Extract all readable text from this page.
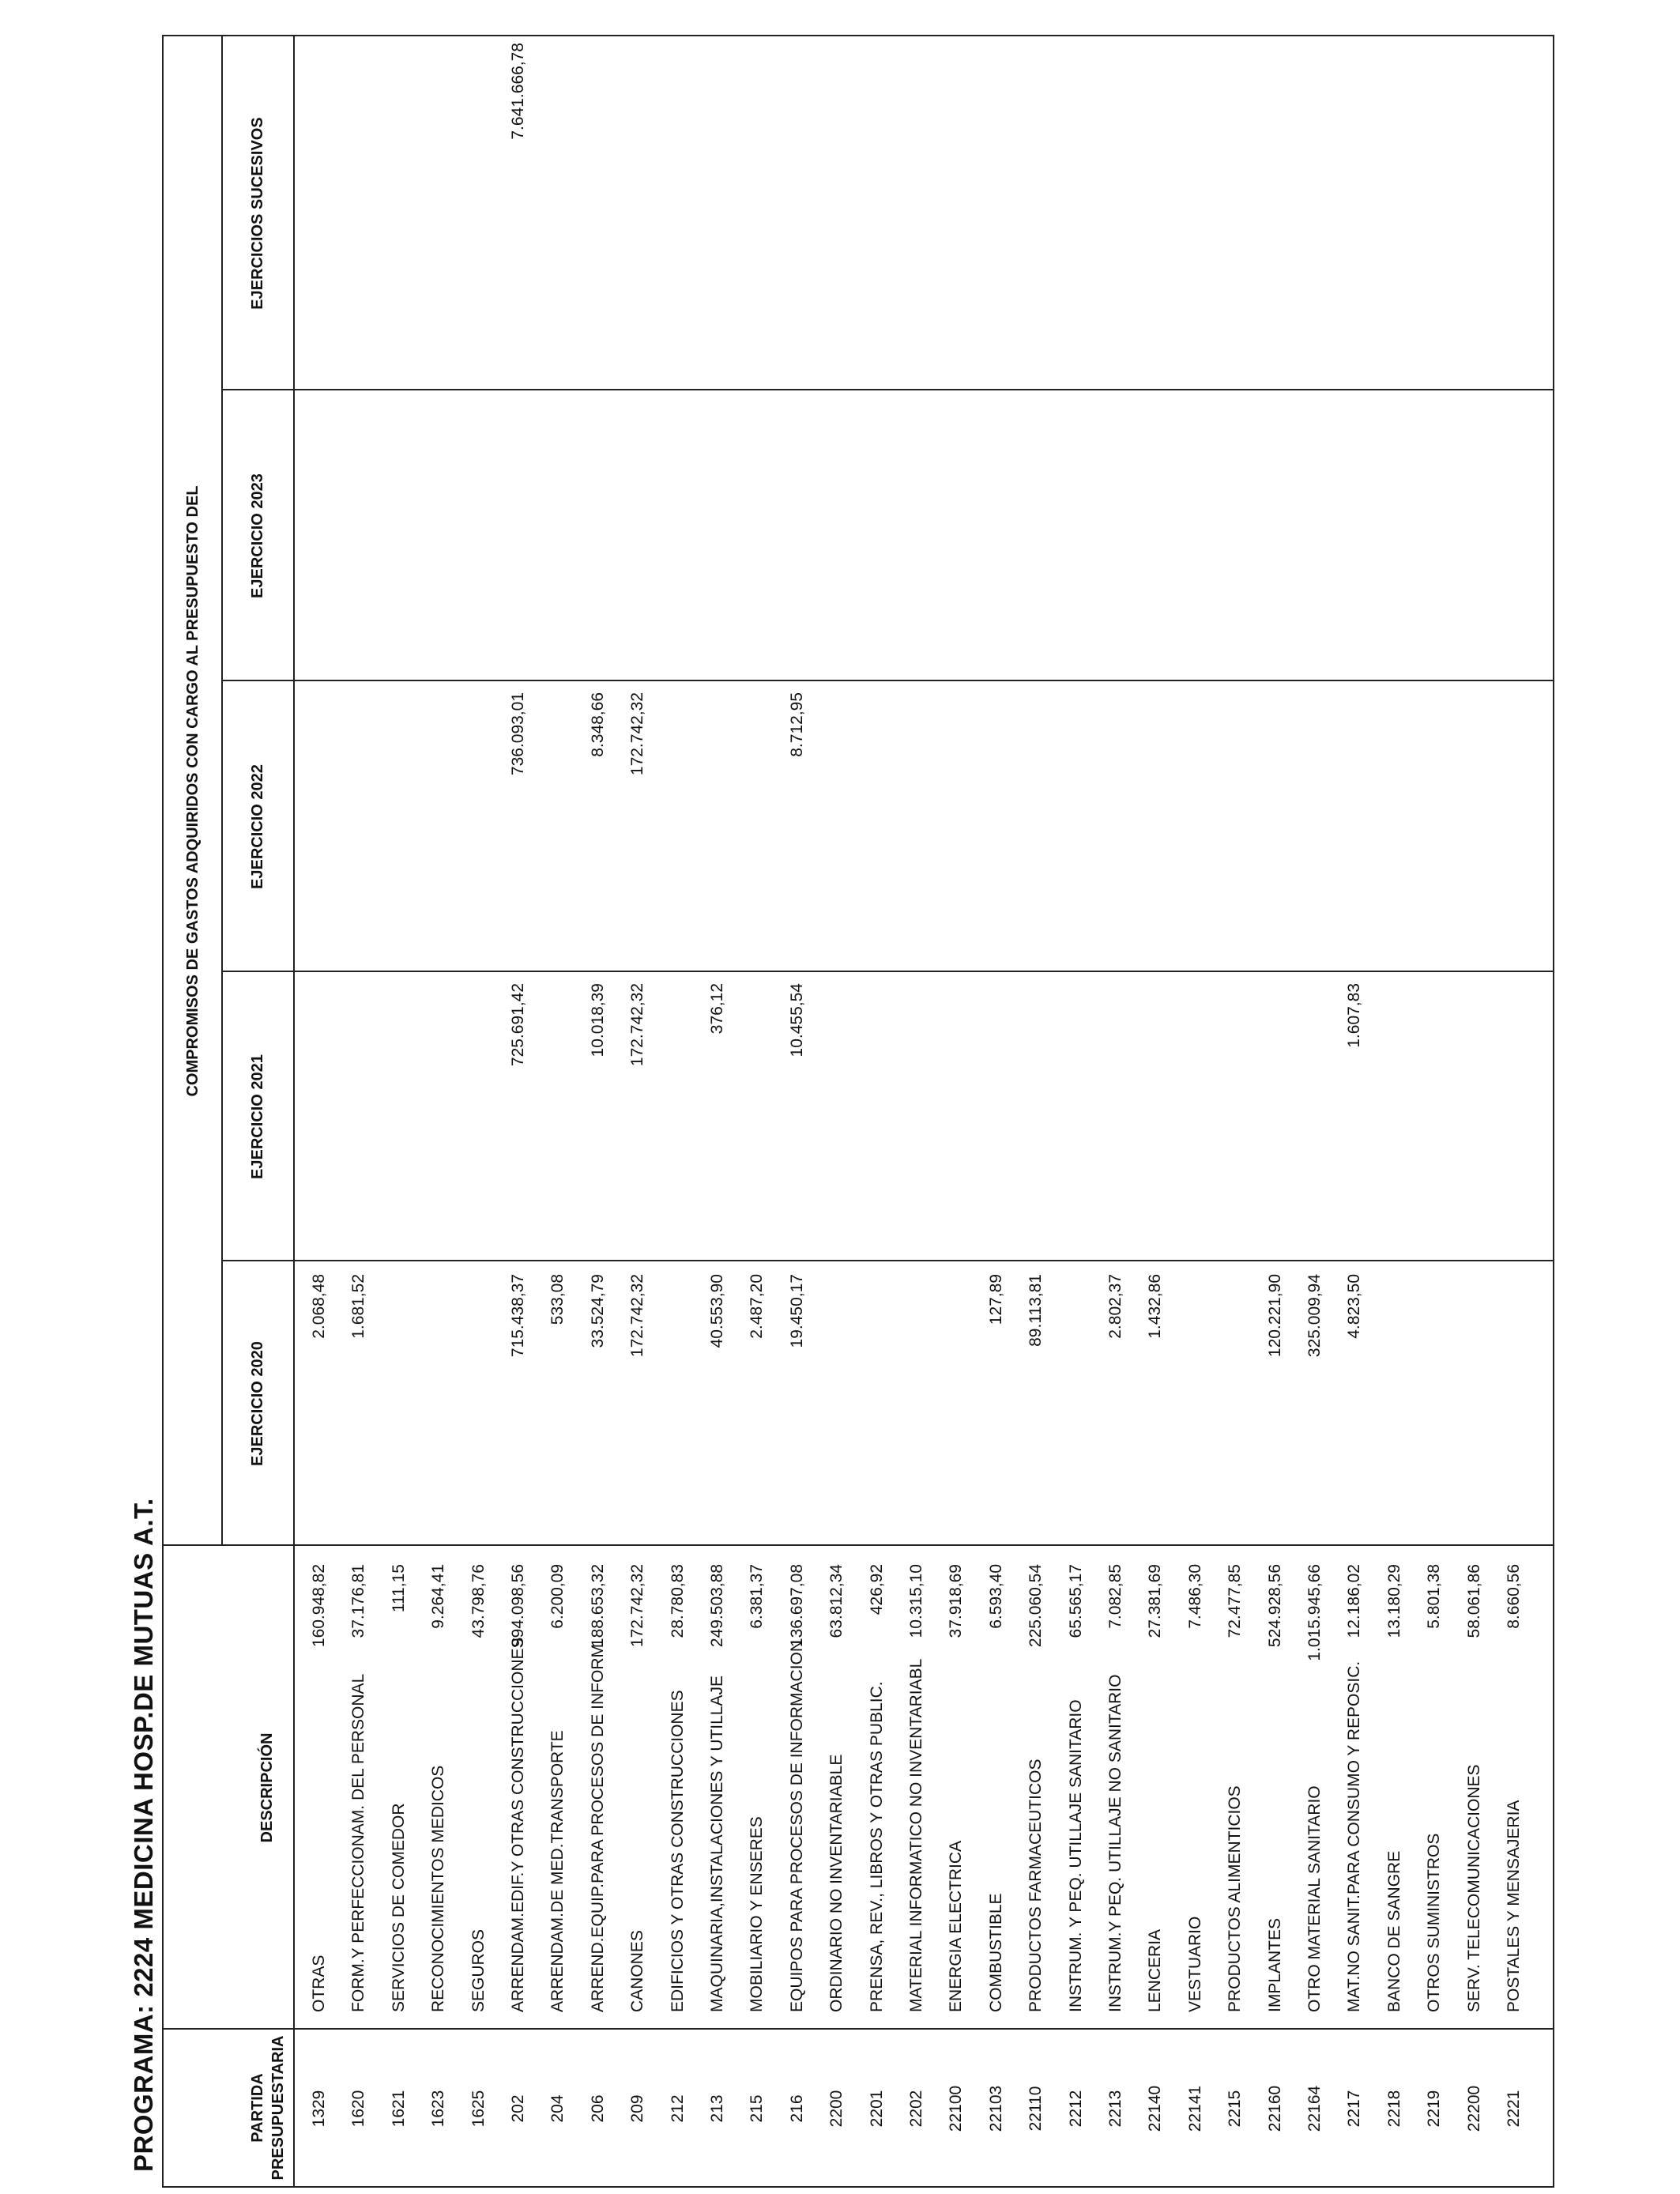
PROGRAMA: 2224 MEDICINA HOSP.DE MUTUAS A.T.	PARTIDA PRESUPUESTARIA
DESCRIPCIÓN
COMPROMISOS DE GASTOS ADQUIRIDOS CON CARGO AL PRESUPUESTO DEL
EJERCICIO 2020
EJERCICIO 2021
EJERCICIO 2022
EJERCICIO 2023
EJERCICIOS SUCESIVOS
1329
OTRAS
160.948,82
2.068,48
1620
FORM.Y PERFECCIONAM. DEL PERSONAL
37.176,81
1.681,52
1621
SERVICIOS DE COMEDOR
111,15
1623
RECONOCIMIENTOS MEDICOS
9.264,41
1625
SEGUROS
43.798,76
202
ARRENDAM.EDIF.Y OTRAS CONSTRUCCIONES
994.098,56
715.438,37
725.691,42
736.093,01
7.641.666,78
204
ARRENDAM.DE MED.TRANSPORTE
6.200,09
533,08
206
ARREND.EQUIP.PARA PROCESOS DE INFORM
188.653,32
33.524,79
10.018,39
8.348,66
209
CANONES
172.742,32
172.742,32
172.742,32
172.742,32
212
EDIFICIOS Y OTRAS CONSTRUCCIONES
28.780,83
213
MAQUINARIA,INSTALACIONES Y UTILLAJE
249.503,88
40.553,90
376,12
215
MOBILIARIO Y ENSERES
6.381,37
2.487,20
216
EQUIPOS PARA PROCESOS DE INFORMACION
136.697,08
19.450,17
10.455,54
8.712,95
2200
ORDINARIO NO INVENTARIABLE
63.812,34
2201
PRENSA, REV., LIBROS Y OTRAS PUBLIC.
426,92
2202
MATERIAL INFORMATICO NO INVENTARIABL
10.315,10
22100
ENERGIA ELECTRICA
37.918,69
22103
COMBUSTIBLE
6.593,40
127,89
22110
PRODUCTOS FARMACEUTICOS
225.060,54
89.113,81
2212
INSTRUM. Y PEQ. UTILLAJE SANITARIO
65.565,17
2213
INSTRUM.Y PEQ. UTILLAJE NO SANITARIO
7.082,85
2.802,37
22140
LENCERIA
27.381,69
1.432,86
22141
VESTUARIO
7.486,30
2215
PRODUCTOS ALIMENTICIOS
72.477,85
22160
IMPLANTES
524.928,56
120.221,90
22164
OTRO MATERIAL SANITARIO
1.015.945,66
325.009,94
2217
MAT.NO SANIT.PARA CONSUMO Y REPOSIC.
12.186,02
4.823,50
1.607,83
2218
BANCO DE SANGRE
13.180,29
2219
OTROS SUMINISTROS
5.801,38
22200
SERV. TELECOMUNICACIONES
58.061,86
2221
POSTALES Y MENSAJERIA
8.660,56
